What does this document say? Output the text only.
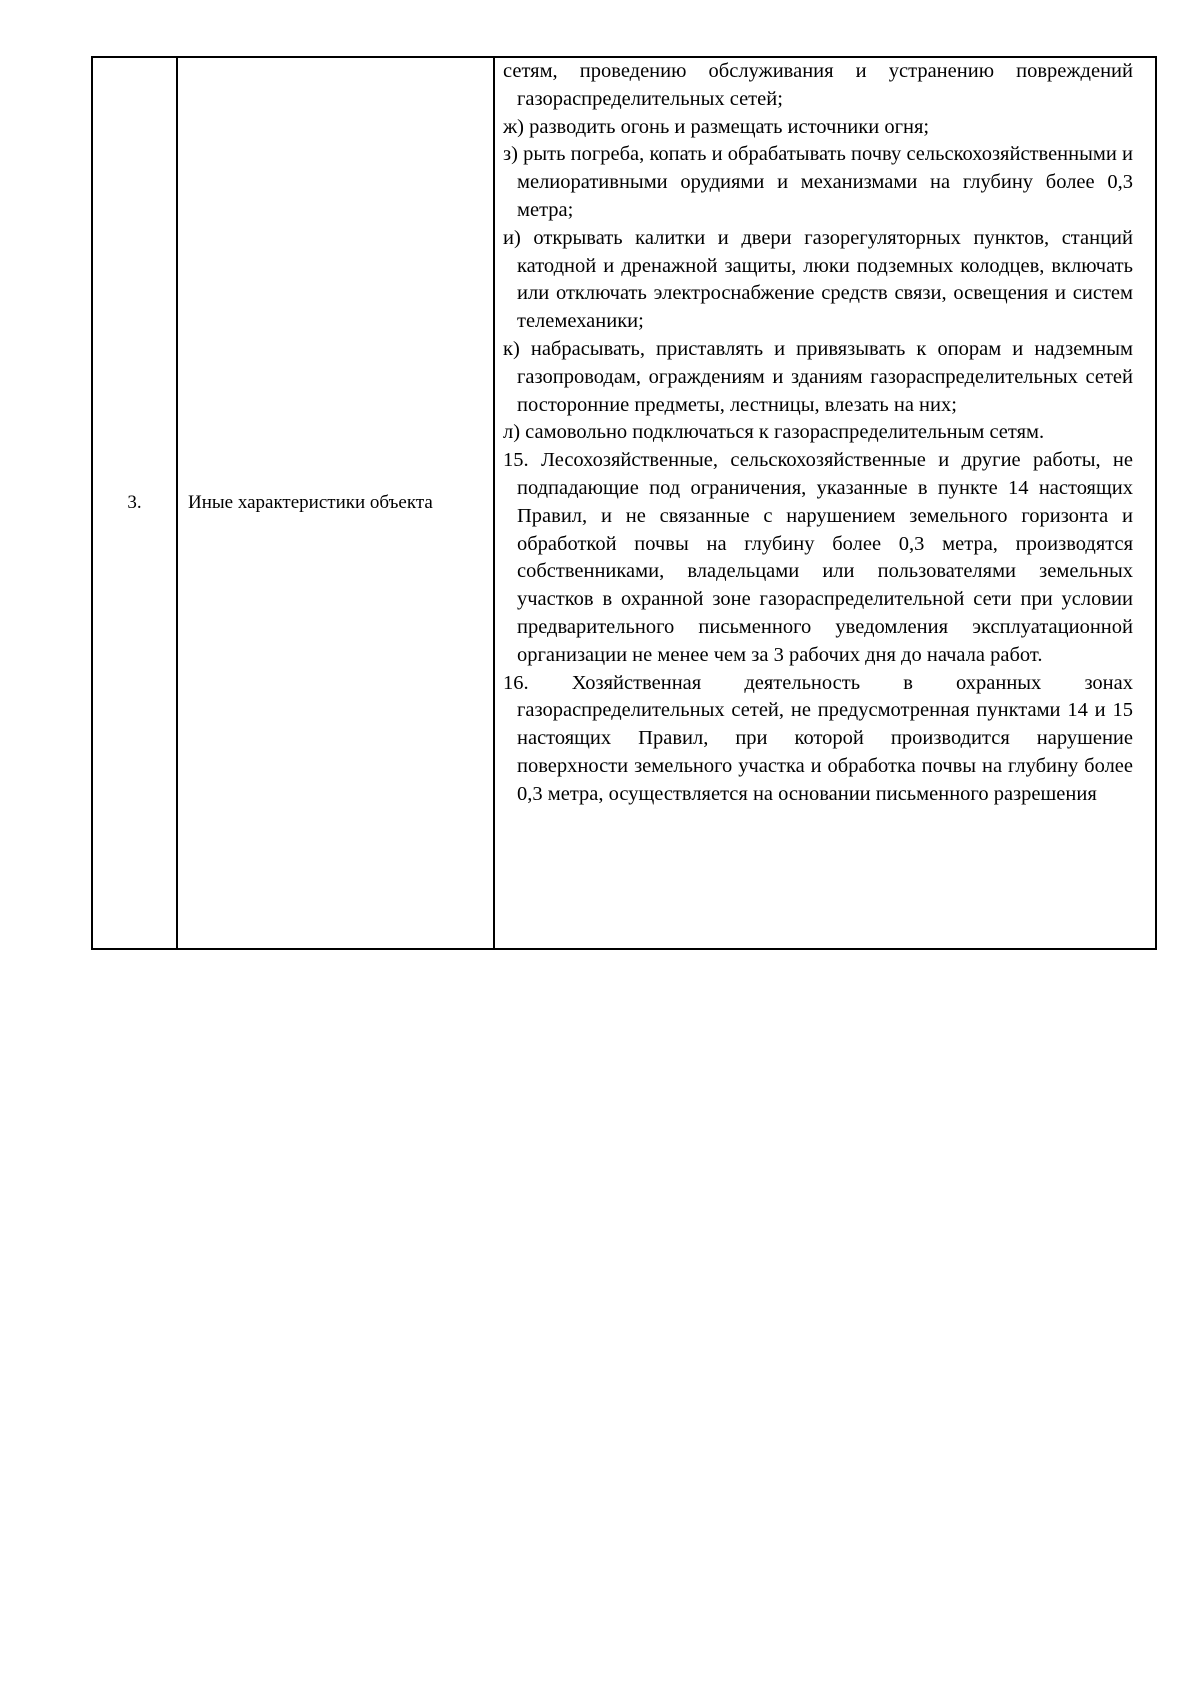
3.	Иные характеристики объекта	

сетям, проведению обслуживания и устранению повреждений газораспределительных сетей;

ж) разводить огонь и размещать источники огня;

з) рыть погреба, копать и обрабатывать почву сельскохозяйственными и мелиоративными орудиями и механизмами на глубину более 0,3 метра;

и) открывать калитки и двери газорегуляторных пунктов, станций катодной и дренажной защиты, люки подземных колодцев, включать или отключать электроснабжение средств связи, освещения и систем телемеханики;

к) набрасывать, приставлять и привязывать к опорам и надземным газопроводам, ограждениям и зданиям газораспределительных сетей посторонние предметы, лестницы, влезать на них;

л) самовольно подключаться к газораспределительным сетям.

15. Лесохозяйственные, сельскохозяйственные и другие работы, не подпадающие под ограничения, указанные в пункте 14 настоящих Правил, и не связанные с нарушением земельного горизонта и обработкой почвы на глубину более 0,3 метра, производятся собственниками, владельцами или пользователями земельных участков в охранной зоне газораспределительной сети при условии предварительного письменного уведомления эксплуатационной организации не менее чем за 3 рабочих дня до начала работ.

16. Хозяйственная деятельность в охранных зонах газораспределительных сетей, не предусмотренная пунктами 14 и 15 настоящих Правил, при которой производится нарушение поверхности земельного участка и обработка почвы на глубину более 0,3 метра, осуществляется на основании письменного разрешения
